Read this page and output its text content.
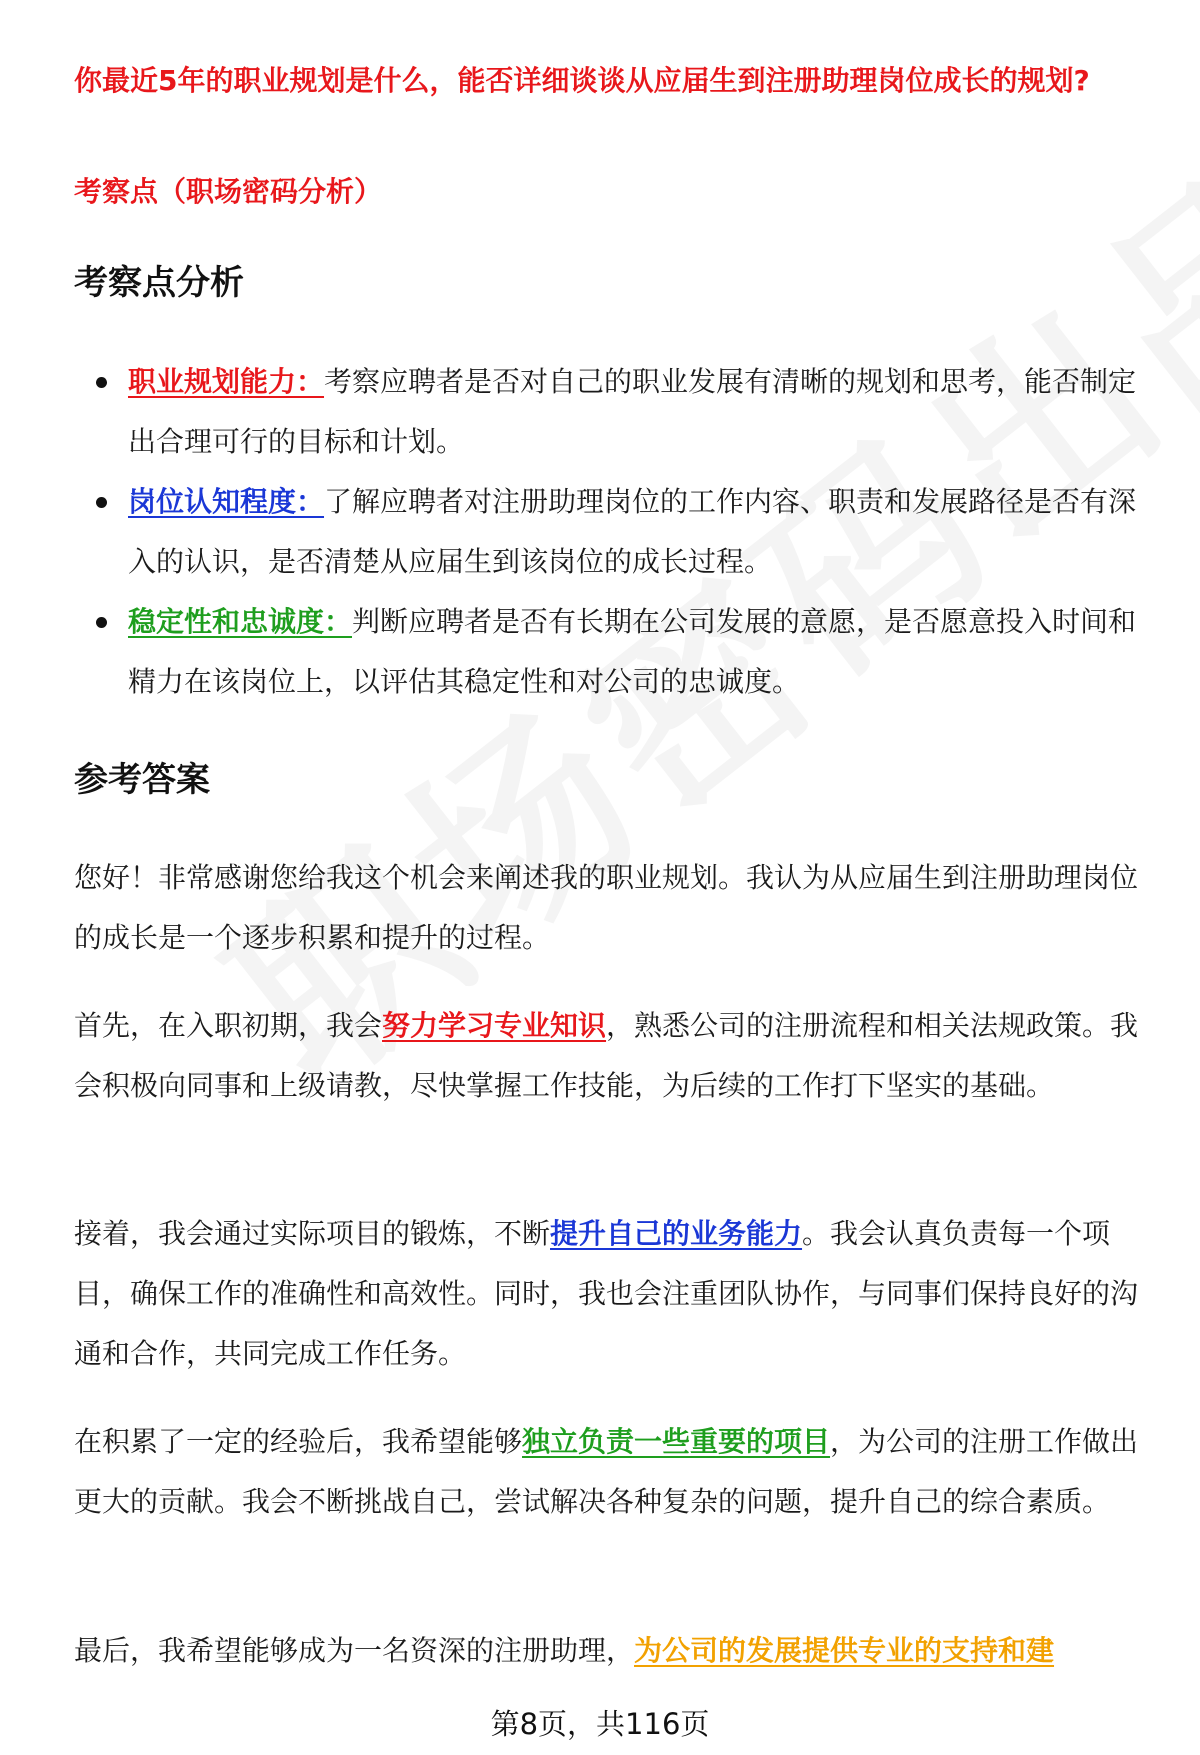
你最近5年的职业规划是什么，能否详细谈谈从应届生到注册助理岗位成长的规划?
考察点（职场密码分析）
考察点分析
职业规划能力：考察应聘者是否对自己的职业发展有清晰的规划和思考，能否制定出合理可行的目标和计划。
岗位认知程度：了解应聘者对注册助理岗位的工作内容、职责和发展路径是否有深入的认识，是否清楚从应届生到该岗位的成长过程。
稳定性和忠诚度：判断应聘者是否有长期在公司发展的意愿，是否愿意投入时间和精力在该岗位上，以评估其稳定性和对公司的忠诚度。
参考答案

您好！非常感谢您给我这个机会来阐述我的职业规划。我认为从应届生到注册助理岗位的成长是一个逐步积累和提升的过程。

首先，在入职初期，我会努力学习专业知识，熟悉公司的注册流程和相关法规政策。我会积极向同事和上级请教，尽快掌握工作技能，为后续的工作打下坚实的基础。

接着，我会通过实际项目的锻炼，不断提升自己的业务能力。我会认真负责每一个项目，确保工作的准确性和高效性。同时，我也会注重团队协作，与同事们保持良好的沟通和合作，共同完成工作任务。

在积累了一定的经验后，我希望能够独立负责一些重要的项目，为公司的注册工作做出更大的贡献。我会不断挑战自己，尝试解决各种复杂的问题，提升自己的综合素质。

最后，我希望能够成为一名资深的注册助理，为公司的发展提供专业的支持和建

第8页，共116页
